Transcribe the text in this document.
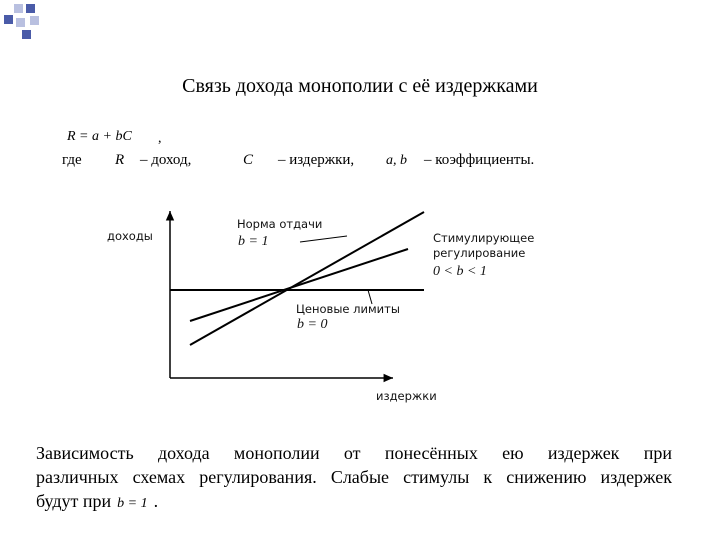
Связь дохода монополии с её издержками
R = a + bC ,
где R – доход,	C – издержки, a, b – коэффициенты.
доходы
издержки
Норма отдачи
b = 1	Стимулирующее регулирование
0 < b < 1
Ценовые лимиты
b = 0
Зависимость дохода монополии от понесённых ею издержек при
различных схемах регулирования. Слабые стимулы к снижению издержек
будут при b = 1 .
